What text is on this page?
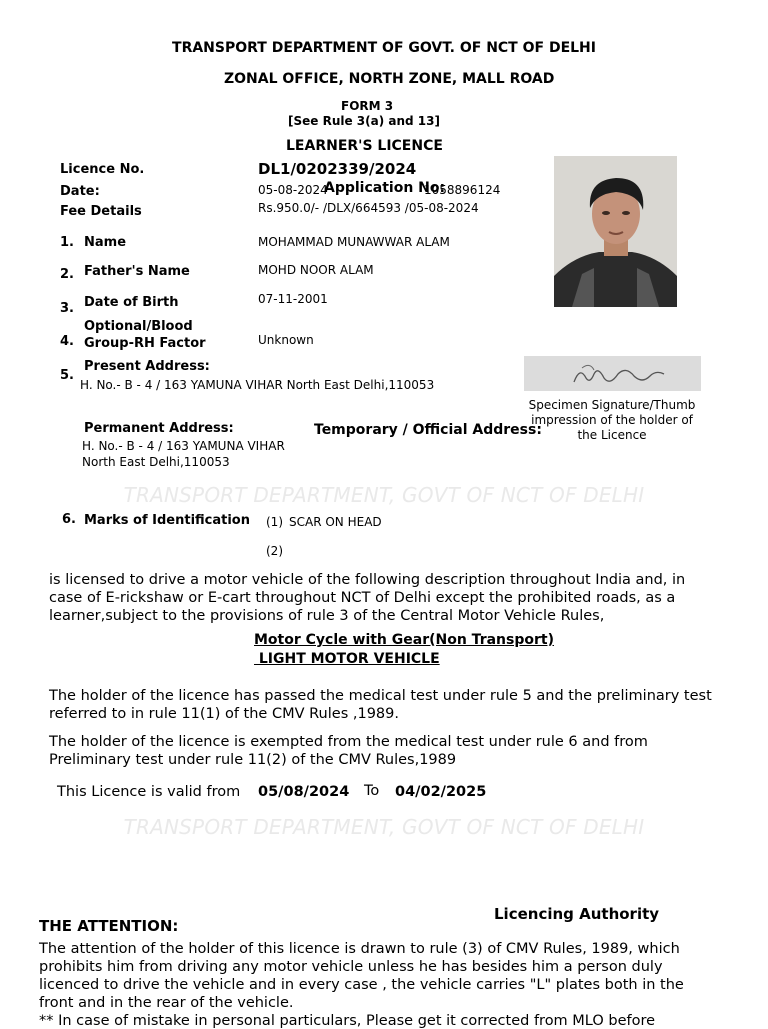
TRANSPORT DEPARTMENT OF GOVT. OF NCT OF DELHI
ZONAL OFFICE, NORTH ZONE, MALL ROAD
FORM 3
[See Rule 3(a) and 13]
LEARNER'S LICENCE
Licence No.	DL1/0202339/2024
Date:	05-08-2024
Application No:
1058896124
Fee Details	Rs.950.0/- /DLX/664593 /05-08-2024
1. Name	MOHAMMAD MUNAWWAR ALAM
2. Father's Name	MOHD NOOR ALAM
3. Date of Birth	07-11-2001
Optional/Blood
4. Group-RH Factor	Unknown
Present Address:
5.
H. No.- B - 4 / 163 YAMUNA VIHAR North East Delhi,110053
Specimen Signature/Thumb impression of the holder of the Licence
Permanent Address:	Temporary / Official Address:
H. No.- B - 4 / 163 YAMUNA VIHAR
North East Delhi,110053
TRANSPORT DEPARTMENT, GOVT OF NCT OF DELHI
6. Marks of Identification (1) SCAR ON HEAD
(2)
is licensed to drive a motor vehicle of the following description throughout India and, in case of E-rickshaw or E-cart throughout NCT of Delhi except the prohibited roads, as a learner,subject to the provisions of rule 3 of the Central Motor Vehicle Rules,
Motor Cycle with Gear(Non Transport)
LIGHT MOTOR VEHICLE
The holder of the licence has passed the medical test under rule 5 and the preliminary test referred to in rule 11(1) of the CMV Rules ,1989.
The holder of the licence is exempted from the medical test under rule 6 and from Preliminary test under rule 11(2) of the CMV Rules,1989
This Licence is valid from 05/08/2024 To 04/02/2025
TRANSPORT DEPARTMENT, GOVT OF NCT OF DELHI
Licencing Authority
THE ATTENTION:
The attention of the holder of this licence is drawn to rule (3) of CMV Rules, 1989, which prohibits him from driving any motor vehicle unless he has besides him a person duly licenced to drive the vehicle and in every case , the vehicle carries "L" plates both in the front and in the rear of the vehicle.
** In case of mistake in personal particulars, Please get it corrected from MLO before
